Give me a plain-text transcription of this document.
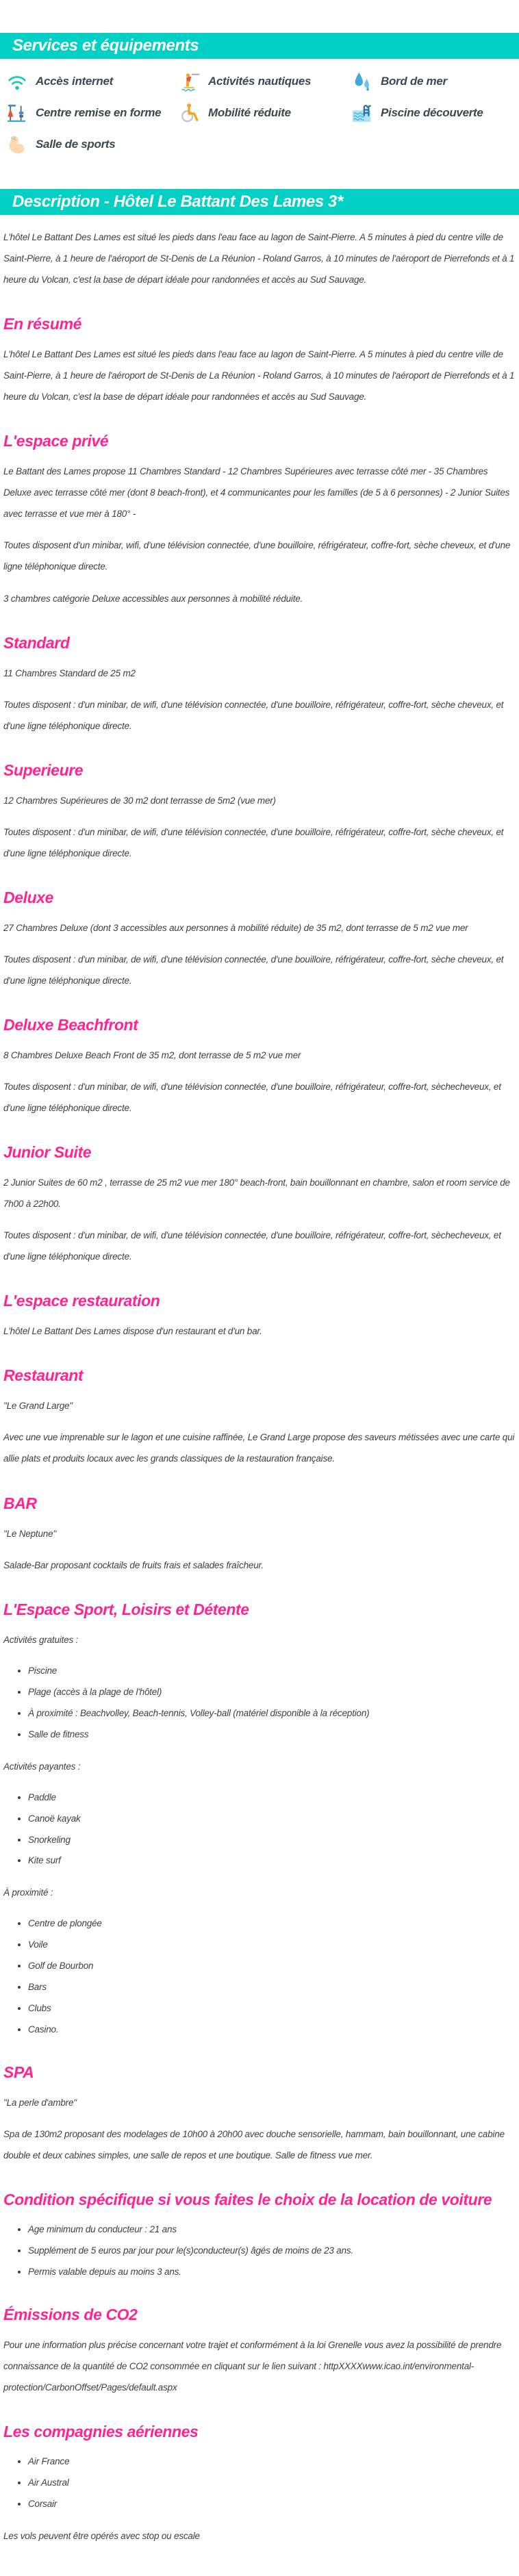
Services et équipements
Accès internet	Activités nautiques	Bord de mer
Centre remise en forme	Mobilité réduite	Piscine découverte
Salle de sports
Description - Hôtel Le Battant Des Lames 3*

L'hôtel Le Battant Des Lames est situé les pieds dans l'eau face au lagon de Saint-Pierre. A 5 minutes à pied du centre ville de Saint-Pierre, à 1 heure de l'aéroport de St-Denis de La Réunion - Roland Garros, à 10 minutes de l'aéroport de Pierrefonds et à 1 heure du Volcan, c'est la base de départ idéale pour randonnées et accès au Sud Sauvage.

En résumé

L'hôtel Le Battant Des Lames est situé les pieds dans l'eau face au lagon de Saint-Pierre. A 5 minutes à pied du centre ville de Saint-Pierre, à 1 heure de l'aéroport de St-Denis de La Réunion - Roland Garros, à 10 minutes de l'aéroport de Pierrefonds et à 1 heure du Volcan, c'est la base de départ idéale pour randonnées et accès au Sud Sauvage.

L'espace privé

Le Battant des Lames propose 11 Chambres Standard - 12 Chambres Supérieures avec terrasse côté mer - 35 Chambres Deluxe avec terrasse côté mer (dont 8 beach-front), et 4 communicantes pour les familles (de 5 à 6 personnes) - 2 Junior Suites avec terrasse et vue mer à 180° -

Toutes disposent d'un minibar, wifi, d'une télévision connectée, d'une bouilloire, réfrigérateur, coffre-fort, sèche cheveux, et d'une ligne téléphonique directe.

3 chambres catégorie Deluxe accessibles aux personnes à mobilité réduite.

Standard

11 Chambres Standard de 25 m2

Toutes disposent : d'un minibar, de wifi, d'une télévision connectée, d'une bouilloire, réfrigérateur, coffre-fort, sèche cheveux, et d'une ligne téléphonique directe.

Superieure

12 Chambres Supérieures de 30 m2 dont terrasse de 5m2 (vue mer)

Toutes disposent : d'un minibar, de wifi, d'une télévision connectée, d'une bouilloire, réfrigérateur, coffre-fort, sèche cheveux, et d'une ligne téléphonique directe.

Deluxe

27 Chambres Deluxe (dont 3 accessibles aux personnes à mobilité réduite) de 35 m2, dont terrasse de 5 m2 vue mer

Toutes disposent : d'un minibar, de wifi, d'une télévision connectée, d'une bouilloire, réfrigérateur, coffre-fort, sèche cheveux, et d'une ligne téléphonique directe.

Deluxe Beachfront

8 Chambres Deluxe Beach Front de 35 m2, dont terrasse de 5 m2 vue mer

Toutes disposent : d'un minibar, de wifi, d'une télévision connectée, d'une bouilloire, réfrigérateur, coffre-fort, sèchecheveux, et d'une ligne téléphonique directe.

Junior Suite

2 Junior Suites de 60 m2 , terrasse de 25 m2 vue mer 180° beach-front, bain bouillonnant en chambre, salon et room service de 7h00 à 22h00.

Toutes disposent : d'un minibar, de wifi, d'une télévision connectée, d'une bouilloire, réfrigérateur, coffre-fort, sèchecheveux, et d'une ligne téléphonique directe.

L'espace restauration

L'hôtel Le Battant Des Lames dispose d'un restaurant et d'un bar.

Restaurant

"Le Grand Large"

Avec une vue imprenable sur le lagon et une cuisine raffinée, Le Grand Large propose des saveurs métissées avec une carte qui allie plats et produits locaux avec les grands classiques de la restauration française.

BAR

"Le Neptune"

Salade-Bar proposant cocktails de fruits frais et salades fraîcheur.

L'Espace Sport, Loisirs et Détente

Activités gratuites :

• Piscine
• Plage (accès à la plage de l'hôtel)
• À proximité : Beachvolley, Beach-tennis, Volley-ball (matériel disponible à la réception)
• Salle de fitness

Activités payantes :

• Paddle
• Canoë kayak
• Snorkeling
• Kite surf

À proximité :

• Centre de plongée
• Voile
• Golf de Bourbon
• Bars
• Clubs
• Casino.
SPA

"La perle d'ambre"

Spa de 130m2 proposant des modelages de 10h00 à 20h00 avec douche sensorielle, hammam, bain bouillonnant, une cabine double et deux cabines simples, une salle de repos et une boutique. Salle de fitness vue mer.

Condition spécifique si vous faites le choix de la location de voiture
• Age minimum du conducteur : 21 ans
• Supplément de 5 euros par jour pour le(s)conducteur(s) âgés de moins de 23 ans.
• Permis valable depuis au moins 3 ans.
Émissions de CO2

Pour une information plus précise concernant votre trajet et conformément à la loi Grenelle vous avez la possibilité de prendre connaissance de la quantité de CO2 consommée en cliquant sur le lien suivant : httpXXXXwww.icao.int/environmental-protection/CarbonOffset/Pages/default.aspx

Les compagnies aériennes
• Air France
• Air Austral
• Corsair

Les vols peuvent être opérés avec stop ou escale
